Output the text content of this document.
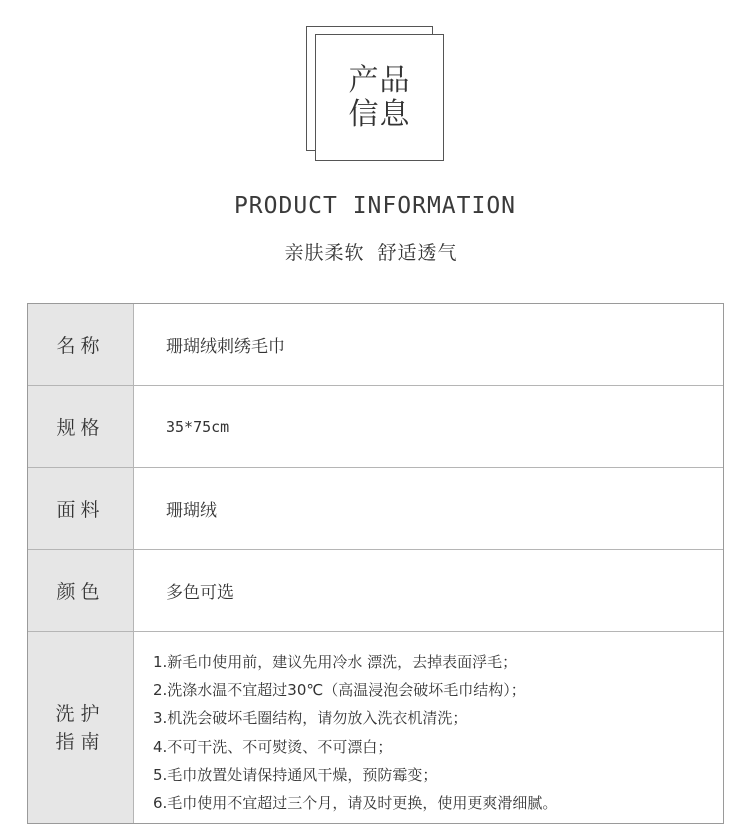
产品
信息
PRODUCT INFORMATION
亲肤柔软 舒适透气
名称	珊瑚绒刺绣毛巾
规格	35*75cm
面料	珊瑚绒
颜色	多色可选
洗护
指南
1.新毛巾使用前，建议先用冷水 漂洗，去掉表面浮毛；
2.洗涤水温不宜超过30℃（高温浸泡会破坏毛巾结构）；
3.机洗会破坏毛圈结构，请勿放入洗衣机清洗；
4.不可干洗、不可熨烫、不可漂白；
5.毛巾放置处请保持通风干燥，预防霉变；
6.毛巾使用不宜超过三个月，请及时更换，使用更爽滑细腻。
